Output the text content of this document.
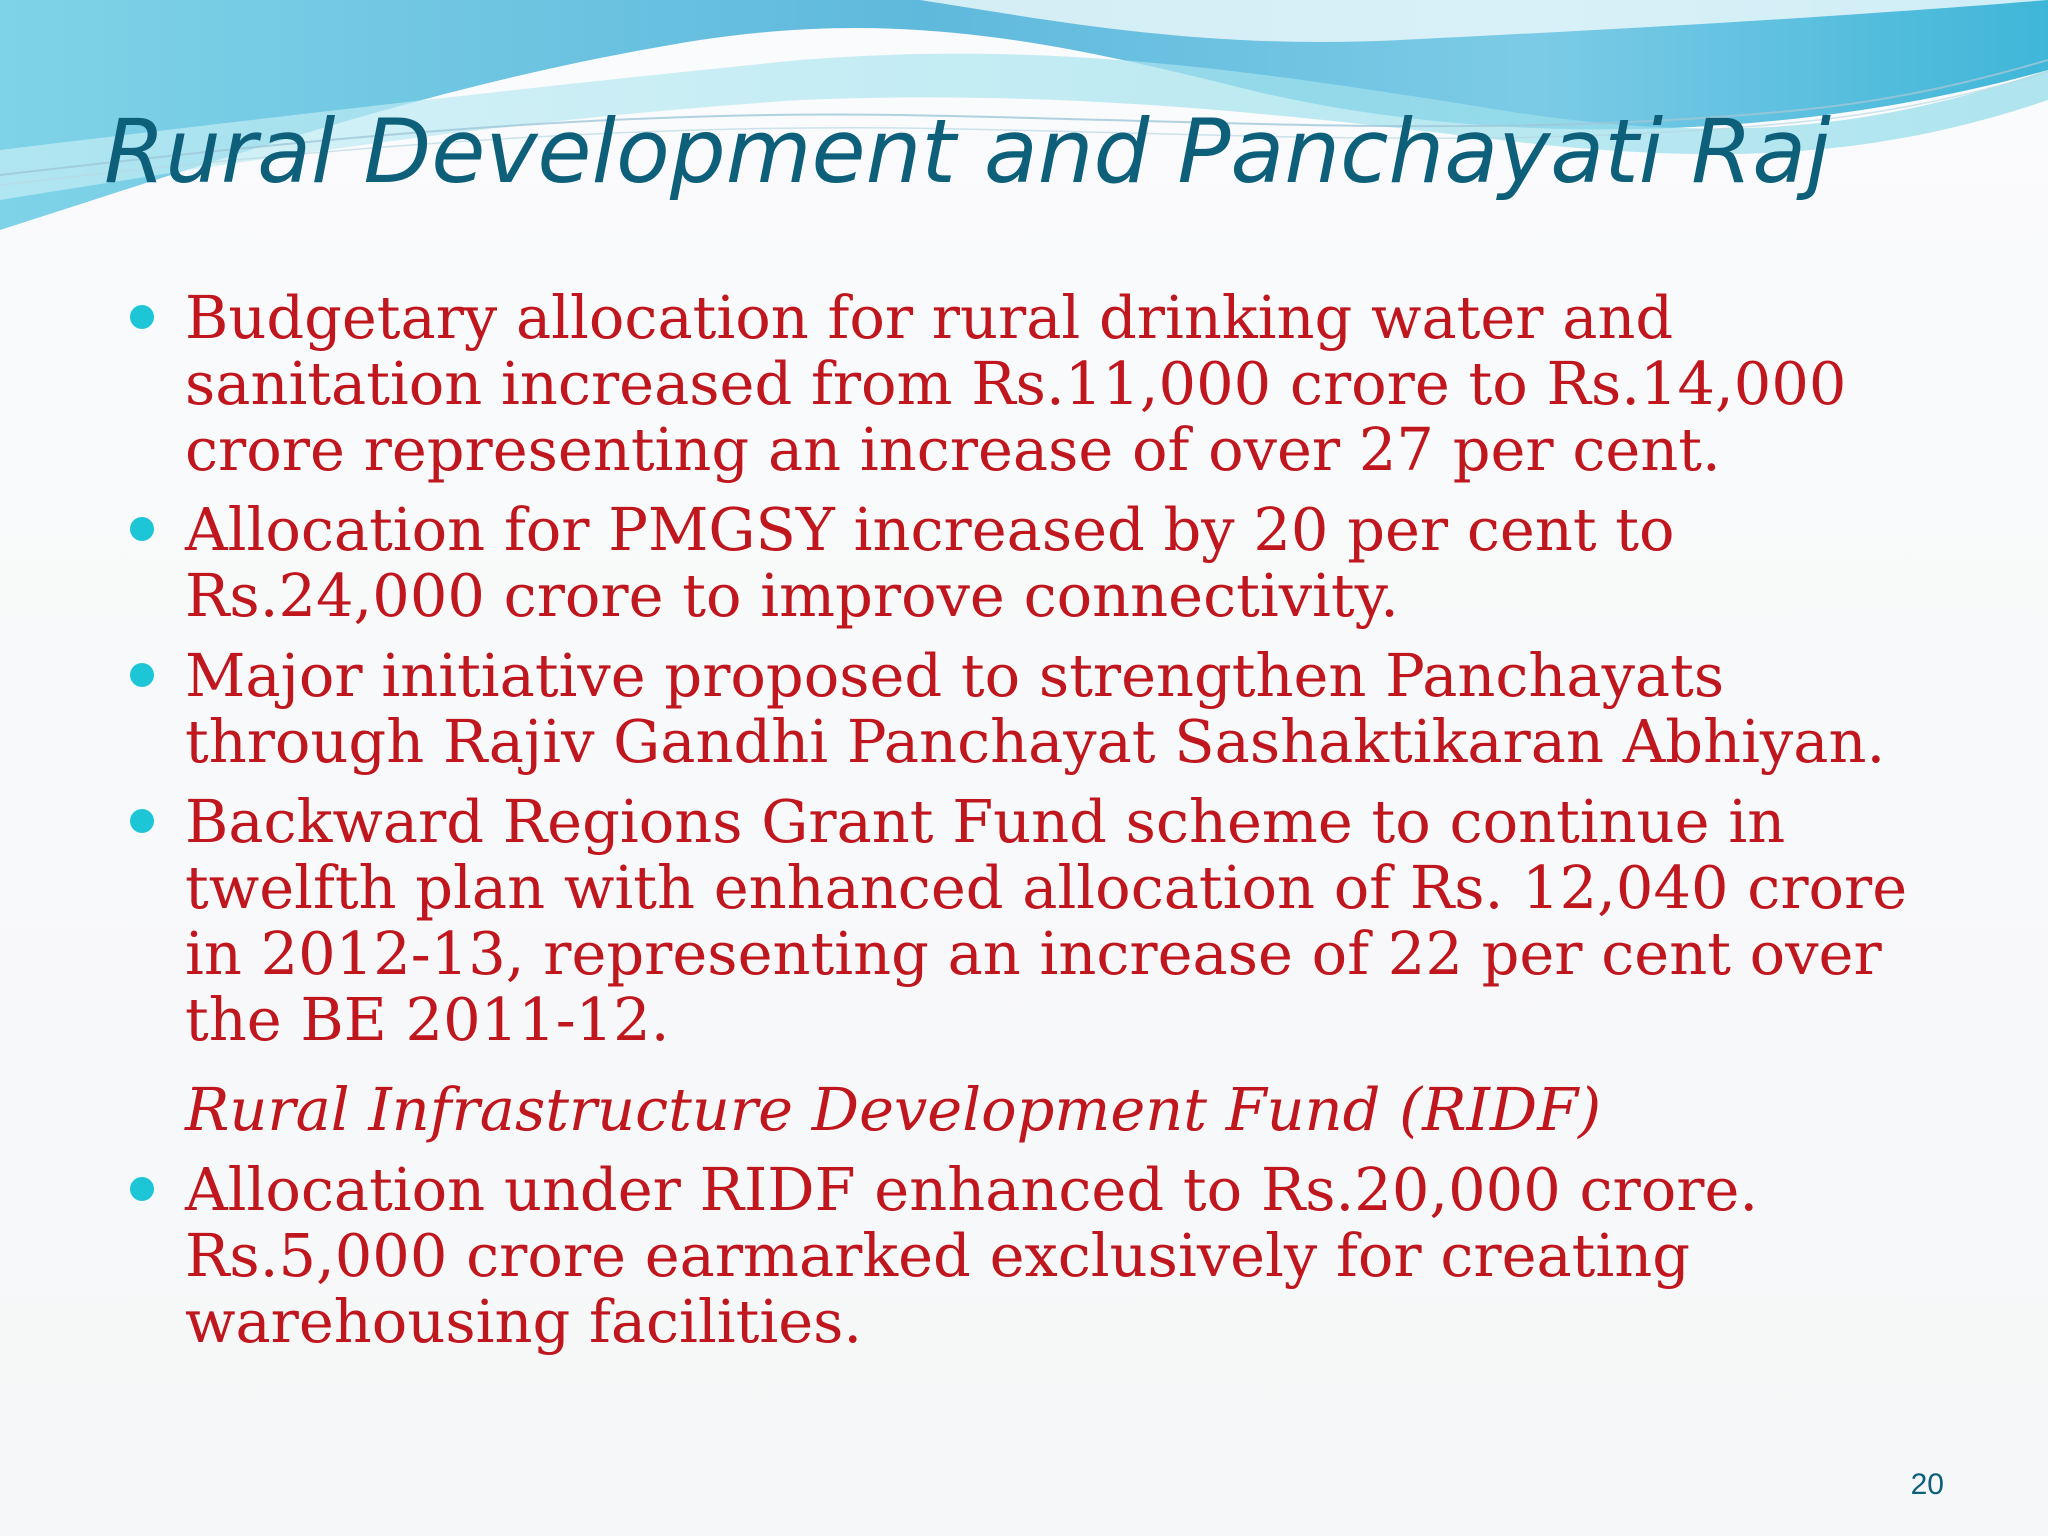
Rural Development and Panchayati Raj
Budgetary allocation for rural drinking water and sanitation increased from Rs.11,000 crore to Rs.14,000 crore representing an increase of over 27 per cent.
Allocation for PMGSY increased by 20 per cent to Rs.24,000 crore to improve connectivity.
Major initiative proposed to strengthen Panchayats through Rajiv Gandhi Panchayat Sashaktikaran Abhiyan.
Backward Regions Grant Fund scheme to continue in twelfth plan with enhanced allocation of Rs. 12,040 crore in 2012-13, representing an increase of 22 per cent over the BE 2011-12.
Rural Infrastructure Development Fund (RIDF)
Allocation under RIDF enhanced to Rs.20,000 crore. Rs.5,000 crore earmarked exclusively for creating warehousing facilities.
20
